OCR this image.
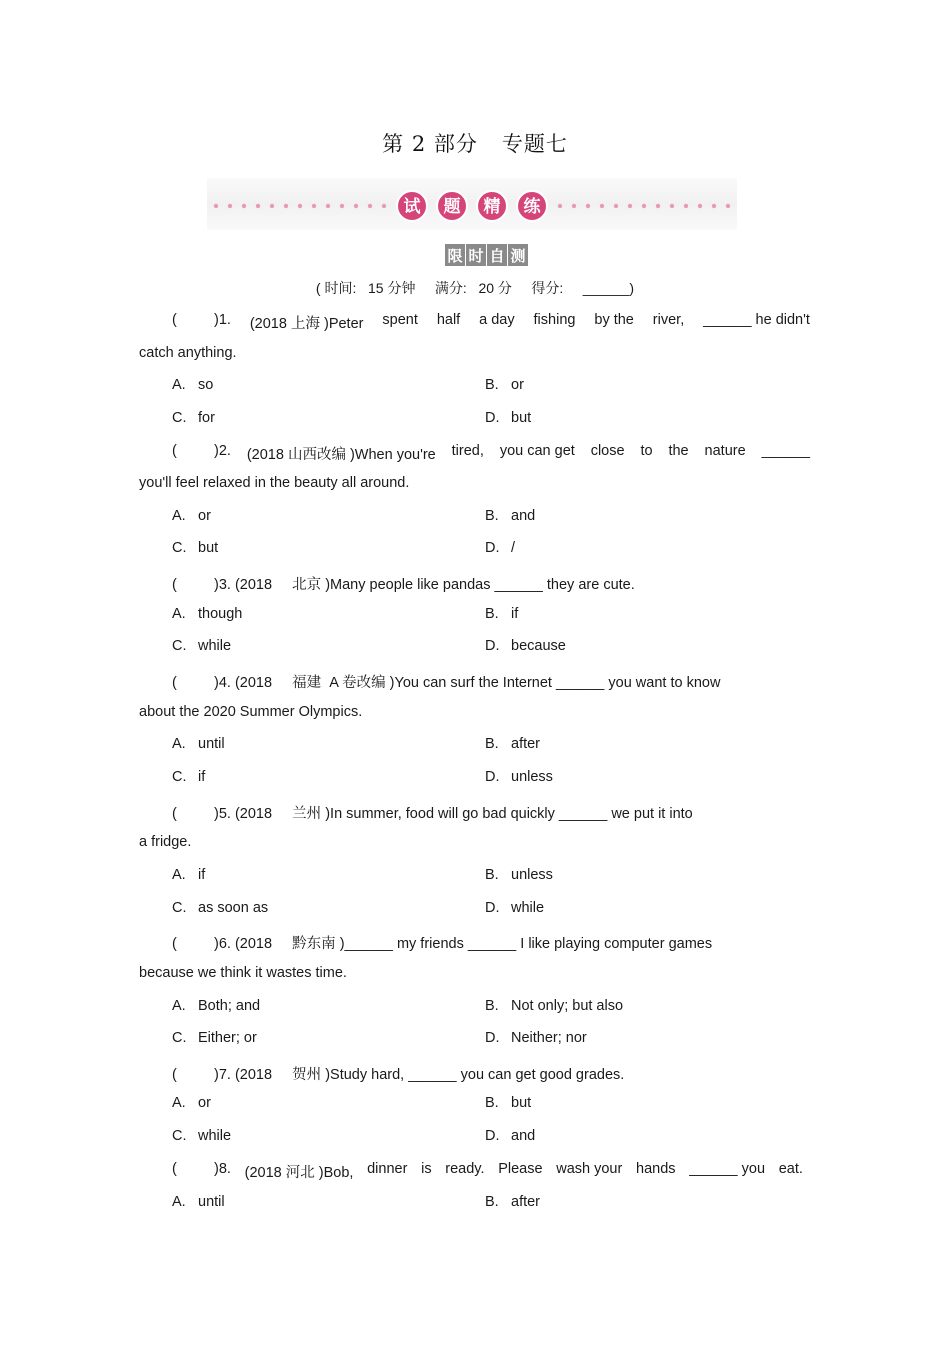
第 2 部分 专题七
试 题 精 练
限 时 自 测
( 时间:   15 分钟     满分:   20 分     得分:     ______)
(	)1. (2018 上海 )Peter spent half a day fishing by the river, ______ he didn't
catch anything.
A. so	B. or
C. for	D. but
(	)2. (2018 山西改编 )When you're tired, you can get close to the nature ______
you'll feel relaxed in the beauty all around.
A. or	B. and
C. but	D. /
(	)3. (2018     北京 )Many people like pandas ______ they are cute.
A. though	B. if
C. while	D. because
(	)4. (2018     福建  A 卷改编 )You can surf the Internet ______ you want to know
about the 2020 Summer Olympics.
A. until	B. after
C. if	D. unless
(	)5. (2018     兰州 )In summer, food will go bad quickly ______ we put it into
a fridge.
A. if	B. unless
C. as soon as	D. while
(	)6. (2018     黔东南 )______ my friends ______ I like playing computer games
because we think it wastes time.
A. Both; and	B. Not only; but also
C. Either; or	D. Neither; nor
(	)7. (2018     贺州 )Study hard, ______ you can get good grades.
A. or	B. but
C. while	D. and
(	)8. (2018 河北 )Bob, dinner is ready. Please wash your hands ______ you eat.
A. until	B. after
